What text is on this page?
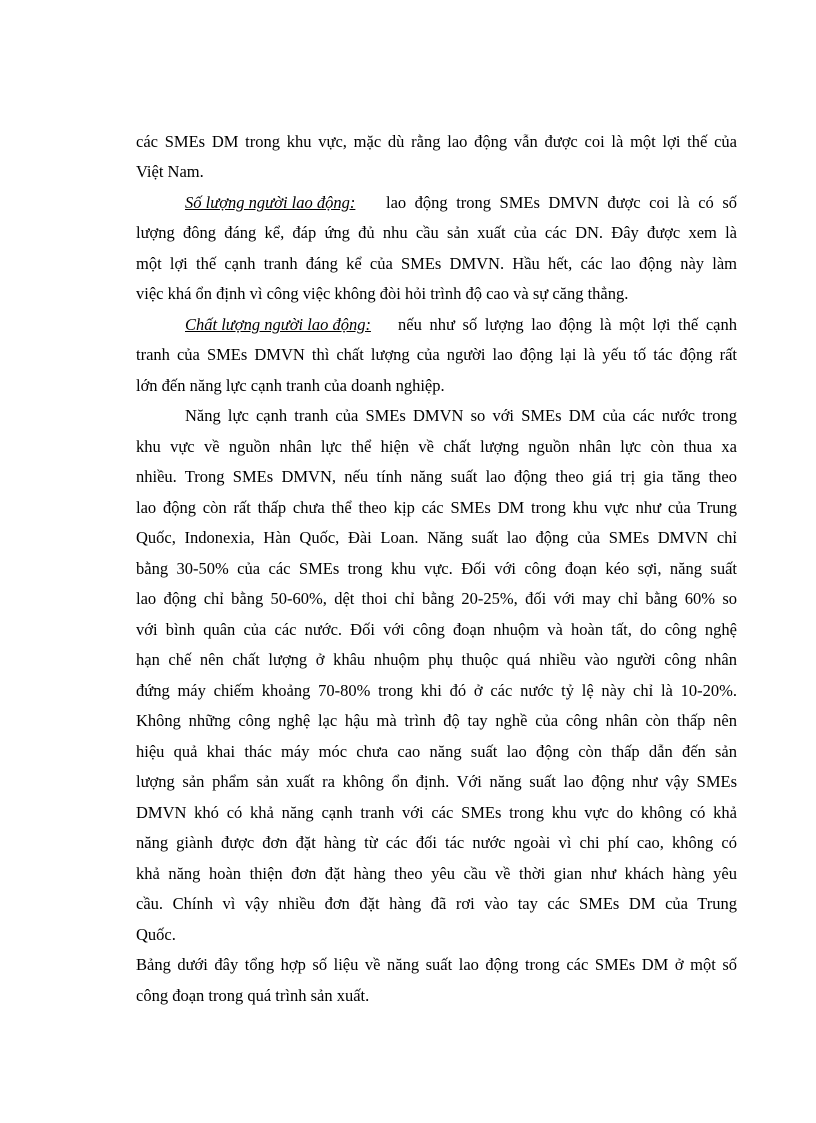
các SMEs DM trong khu vực, mặc dù rằng lao động vẫn được coi là một lợi thế của
Việt Nam.
Số lượng người lao động:	lao động trong SMEs DMVN được coi là có số
lượng đông đáng kể, đáp ứng đủ nhu cầu sản xuất của các DN. Đây được xem là
một lợi thế cạnh tranh đáng kể của SMEs DMVN. Hầu hết, các lao động này làm
việc khá ổn định vì công việc không đòi hỏi trình độ cao và sự căng thẳng.
Chất lượng người lao động:	nếu như số lượng lao động là một lợi thế cạnh
tranh của SMEs DMVN thì chất lượng của người lao động lại là yếu tố tác động rất
lớn đến năng lực cạnh tranh của doanh nghiệp.
Năng lực cạnh tranh của SMEs DMVN so với SMEs DM của các nước trong
khu vực về nguồn nhân lực thể hiện về chất lượng nguồn nhân lực còn thua xa
nhiều. Trong SMEs DMVN, nếu tính năng suất lao động theo giá trị gia tăng theo
lao động còn rất thấp chưa thể theo kịp các SMEs DM trong khu vực như của Trung
Quốc, Indonexia, Hàn Quốc, Đài Loan. Năng suất lao động của SMEs DMVN chỉ
bằng 30-50% của các SMEs trong khu vực. Đối với công đoạn kéo sợi, năng suất
lao động chỉ bằng 50-60%, dệt thoi chỉ bằng 20-25%, đối với may chỉ bằng 60% so
với bình quân của các nước. Đối với công đoạn nhuộm và hoàn tất, do công nghệ
hạn chế nên chất lượng ở khâu nhuộm phụ thuộc quá nhiều vào người công nhân
đứng máy chiếm khoảng 70-80% trong khi đó ở các nước tỷ lệ này chỉ là 10-20%.
Không những công nghệ lạc hậu mà trình độ tay nghề của công nhân còn thấp nên
hiệu quả khai thác máy móc chưa cao năng suất lao động còn thấp dẫn đến sản
lượng sản phẩm sản xuất ra không ổn định. Với năng suất lao động như vậy SMEs
DMVN khó có khả năng cạnh tranh với các SMEs trong khu vực do không có khả
năng giành được đơn đặt hàng từ các đối tác nước ngoài vì chi phí cao, không có
khả năng hoàn thiện đơn đặt hàng theo yêu cầu về thời gian như khách hàng yêu
cầu. Chính vì vậy nhiều đơn đặt hàng đã rơi vào tay các SMEs DM của Trung
Quốc.
Bảng dưới đây tổng hợp số liệu về năng suất lao động trong các SMEs DM ở một số
công đoạn trong quá trình sản xuất.
